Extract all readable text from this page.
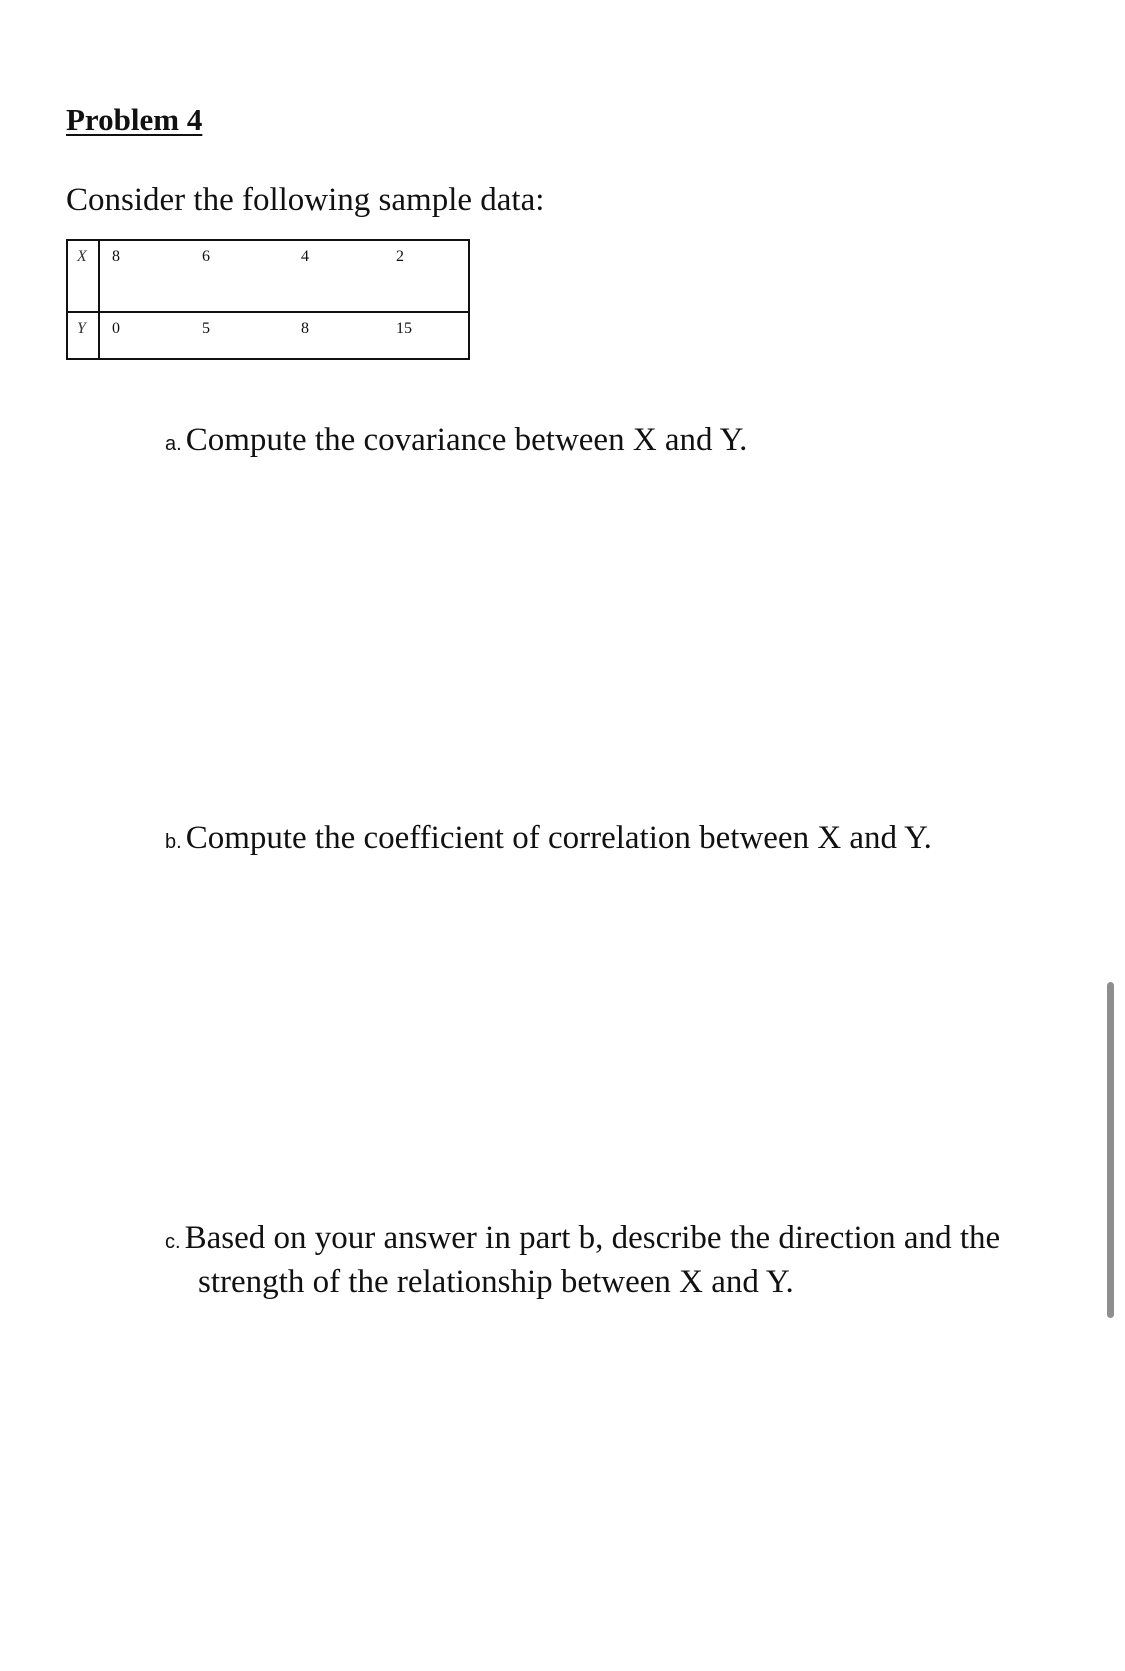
Problem 4
Consider the following sample data:
X 8	6	4	2
Y 0	5	8	15
a. Compute the covariance between X and Y.
b. Compute the coefficient of correlation between X and Y.
c. Based on your answer in part b, describe the direction and the
strength of the relationship between X and Y.
